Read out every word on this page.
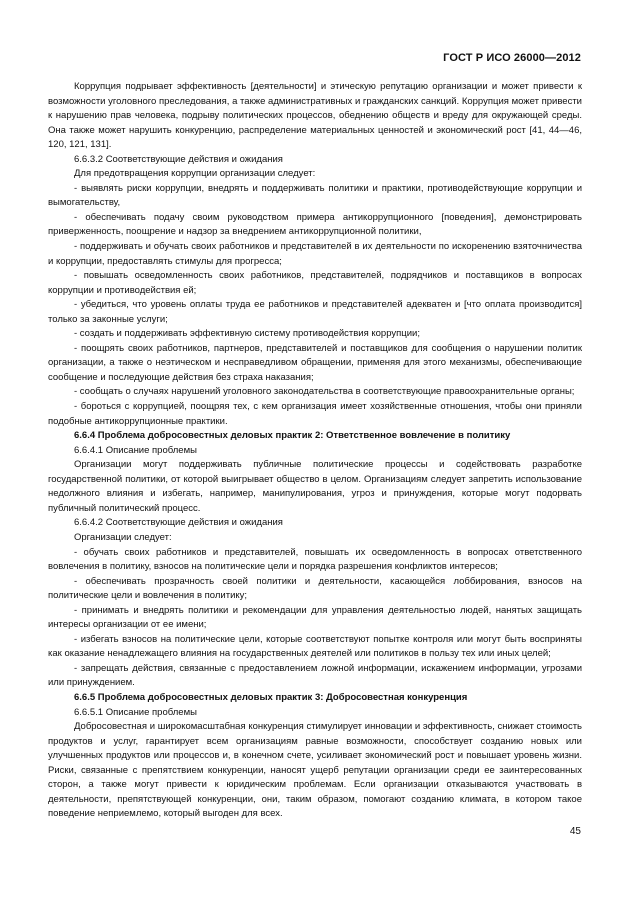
ГОСТ Р ИСО 26000—2012

Коррупция подрывает эффективность [деятельности] и этическую репутацию организации и может привести к возможности уголовного преследования, а также административных и гражданских санкций. Коррупция может привести к нарушению прав человека, подрыву политических процессов, обеднению обществ и вреду для окружающей среды. Она также может нарушить конкуренцию, распределение материальных ценностей и экономический рост [41, 44—46, 120, 121, 131].

6.6.3.2 Соответствующие действия и ожидания

Для предотвращения коррупции организации следует:

- выявлять риски коррупции, внедрять и поддерживать политики и практики, противодействующие коррупции и вымогательству,

- обеспечивать подачу своим руководством примера антикоррупционного [поведения], демонстрировать приверженность, поощрение и надзор за внедрением антикоррупционной политики,

- поддерживать и обучать своих работников и представителей в их деятельности по искоренению взяточничества и коррупции, предоставлять стимулы для прогресса;

- повышать осведомленность своих работников, представителей, подрядчиков и поставщиков в вопросах коррупции и противодействия ей;

- убедиться, что уровень оплаты труда ее работников и представителей адекватен и [что оплата производится] только за законные услуги;

- создать и поддерживать эффективную систему противодействия коррупции;

- поощрять своих работников, партнеров, представителей и поставщиков для сообщения о нарушении политик организации, а также о неэтическом и несправедливом обращении, применяя для этого механизмы, обеспечивающие сообщение и последующие действия без страха наказания;

- сообщать о случаях нарушений уголовного законодательства в соответствующие правоохранительные органы;

- бороться с коррупцией, поощряя тех, с кем организация имеет хозяйственные отношения, чтобы они приняли подобные антикоррупционные практики.

6.6.4 Проблема добросовестных деловых практик 2: Ответственное вовлечение в политику

6.6.4.1 Описание проблемы

Организации могут поддерживать публичные политические процессы и содействовать разработке государственной политики, от которой выигрывает общество в целом. Организациям следует запретить использование недолжного влияния и избегать, например, манипулирования, угроз и принуждения, которые могут подорвать публичный политический процесс.

6.6.4.2 Соответствующие действия и ожидания

Организации следует:

- обучать своих работников и представителей, повышать их осведомленность в вопросах ответственного вовлечения в политику, взносов на политические цели и порядка разрешения конфликтов интересов;

- обеспечивать прозрачность своей политики и деятельности, касающейся лоббирования, взносов на политические цели и вовлечения в политику;

- принимать и внедрять политики и рекомендации для управления деятельностью людей, нанятых защищать интересы организации от ее имени;

- избегать взносов на политические цели, которые соответствуют попытке контроля или могут быть восприняты как оказание ненадлежащего влияния на государственных деятелей или политиков в пользу тех или иных целей;

- запрещать действия, связанные с предоставлением ложной информации, искажением информации, угрозами или принуждением.

6.6.5 Проблема добросовестных деловых практик 3: Добросовестная конкуренция

6.6.5.1 Описание проблемы

Добросовестная и широкомасштабная конкуренция стимулирует инновации и эффективность, снижает стоимость продуктов и услуг, гарантирует всем организациям равные возможности, способствует созданию новых или улучшенных продуктов или процессов и, в конечном счете, усиливает экономический рост и повышает уровень жизни. Риски, связанные с препятствием конкуренции, наносят ущерб репутации организации среди ее заинтересованных сторон, а также могут привести к юридическим проблемам. Если организации отказываются участвовать в деятельности, препятствующей конкуренции, они, таким образом, помогают созданию климата, в котором такое поведение неприемлемо, который выгоден для всех.

45
